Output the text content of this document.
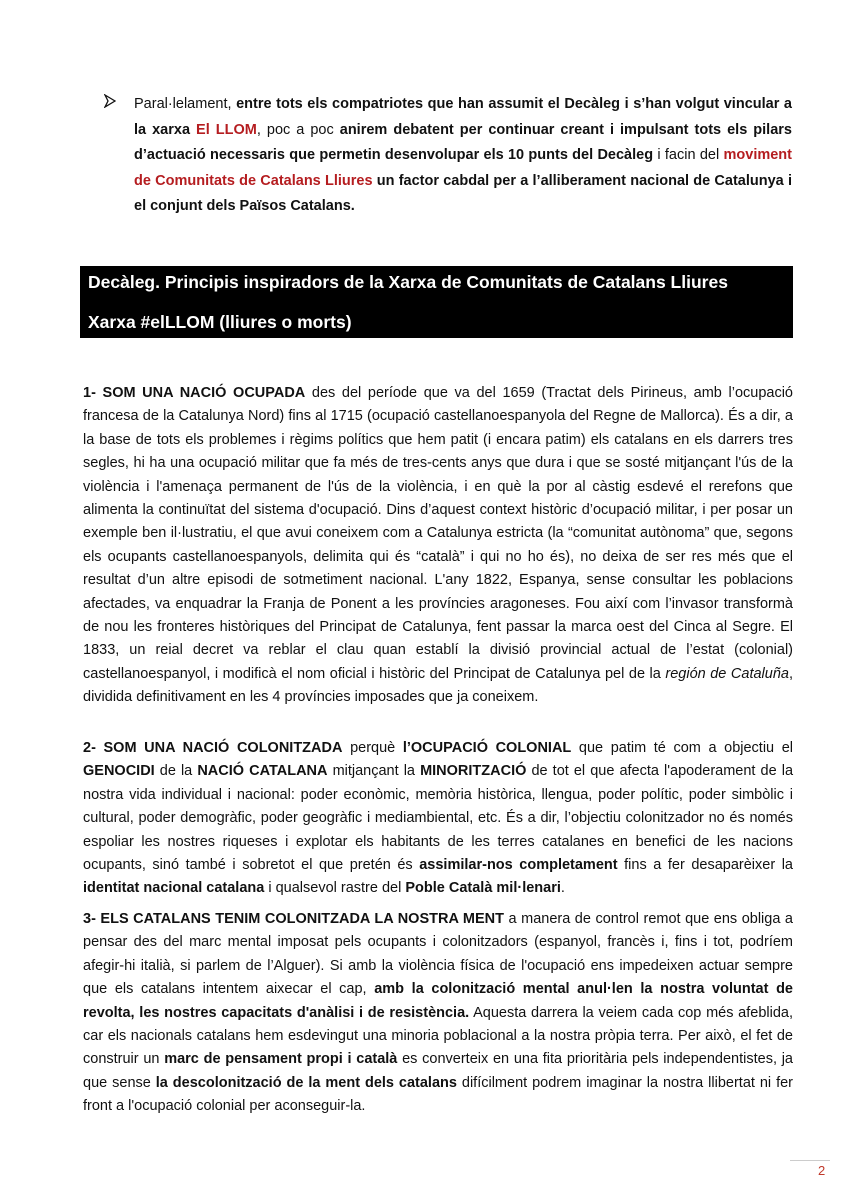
Paral·lelament, entre tots els compatriotes que han assumit el Decàleg i s’han volgut vincular a la xarxa El LLOM, poc a poc anirem debatent per continuar creant i impulsant tots els pilars d’actuació necessaris que permetin desenvolupar els 10 punts del Decàleg i facin del moviment de Comunitats de Catalans Lliures un factor cabdal per a l’alliberament nacional de Catalunya i el conjunt dels Països Catalans.

Decàleg. Principis inspiradors de la Xarxa de Comunitats de Catalans Lliures
Xarxa #elLLOM (lliures o morts)

1- SOM UNA NACIÓ OCUPADA des del període que va del 1659 (Tractat dels Pirineus, amb l’ocupació francesa de la Catalunya Nord) fins al 1715 (ocupació castellanoespanyola del Regne de Mallorca). És a dir, a la base de tots els problemes i règims polítics que hem patit (i encara patim) els catalans en els darrers tres segles, hi ha una ocupació militar que fa més de tres-cents anys que dura i que se sosté mitjançant l'ús de la violència i l'amenaça permanent de l'ús de la violència, i en què la por al càstig esdevé el rerefons que alimenta la continuïtat del sistema d'ocupació. Dins d’aquest context històric d’ocupació militar, i per posar un exemple ben il·lustratiu, el que avui coneixem com a Catalunya estricta (la “comunitat autònoma” que, segons els ocupants castellanoespanyols, delimita qui és “català” i qui no ho és), no deixa de ser res més que el resultat d’un altre episodi de sotmetiment nacional. L'any 1822, Espanya, sense consultar les poblacions afectades, va enquadrar la Franja de Ponent a les províncies aragoneses. Fou així com l’invasor transformà de nou les fronteres històriques del Principat de Catalunya, fent passar la marca oest del Cinca al Segre. El 1833, un reial decret va reblar el clau quan establí la divisió provincial actual de l’estat (colonial) castellanoespanyol, i modificà el nom oficial i històric del Principat de Catalunya pel de la región de Cataluña, dividida definitivament en les 4 províncies imposades que ja coneixem.

2- SOM UNA NACIÓ COLONITZADA perquè l’OCUPACIÓ COLONIAL que patim té com a objectiu el GENOCIDI de la NACIÓ CATALANA mitjançant la MINORITZACIÓ de tot el que afecta l'apoderament de la nostra vida individual i nacional: poder econòmic, memòria històrica, llengua, poder polític, poder simbòlic i cultural, poder demogràfic, poder geogràfic i mediambiental, etc. És a dir, l’objectiu colonitzador no és només espoliar les nostres riqueses i explotar els habitants de les terres catalanes en benefici de les nacions ocupants, sinó també i sobretot el que pretén és assimilar-nos completament fins a fer desaparèixer la identitat nacional catalana i qualsevol rastre del Poble Català mil·lenari.

3- ELS CATALANS TENIM COLONITZADA LA NOSTRA MENT a manera de control remot que ens obliga a pensar des del marc mental imposat pels ocupants i colonitzadors (espanyol, francès i, fins i tot, podríem afegir-hi italià, si parlem de l’Alguer). Si amb la violència física de l'ocupació ens impedeixen actuar sempre que els catalans intentem aixecar el cap, amb la colonització mental anul·len la nostra voluntat de revolta, les nostres capacitats d'anàlisi i de resistència. Aquesta darrera la veiem cada cop més afeblida, car els nacionals catalans hem esdevingut una minoria poblacional a la nostra pròpia terra. Per això, el fet de construir un marc de pensament propi i català es converteix en una fita prioritària pels independentistes, ja que sense la descolonització de la ment dels catalans difícilment podrem imaginar la nostra llibertat ni fer front a l'ocupació colonial per aconseguir-la.

2
